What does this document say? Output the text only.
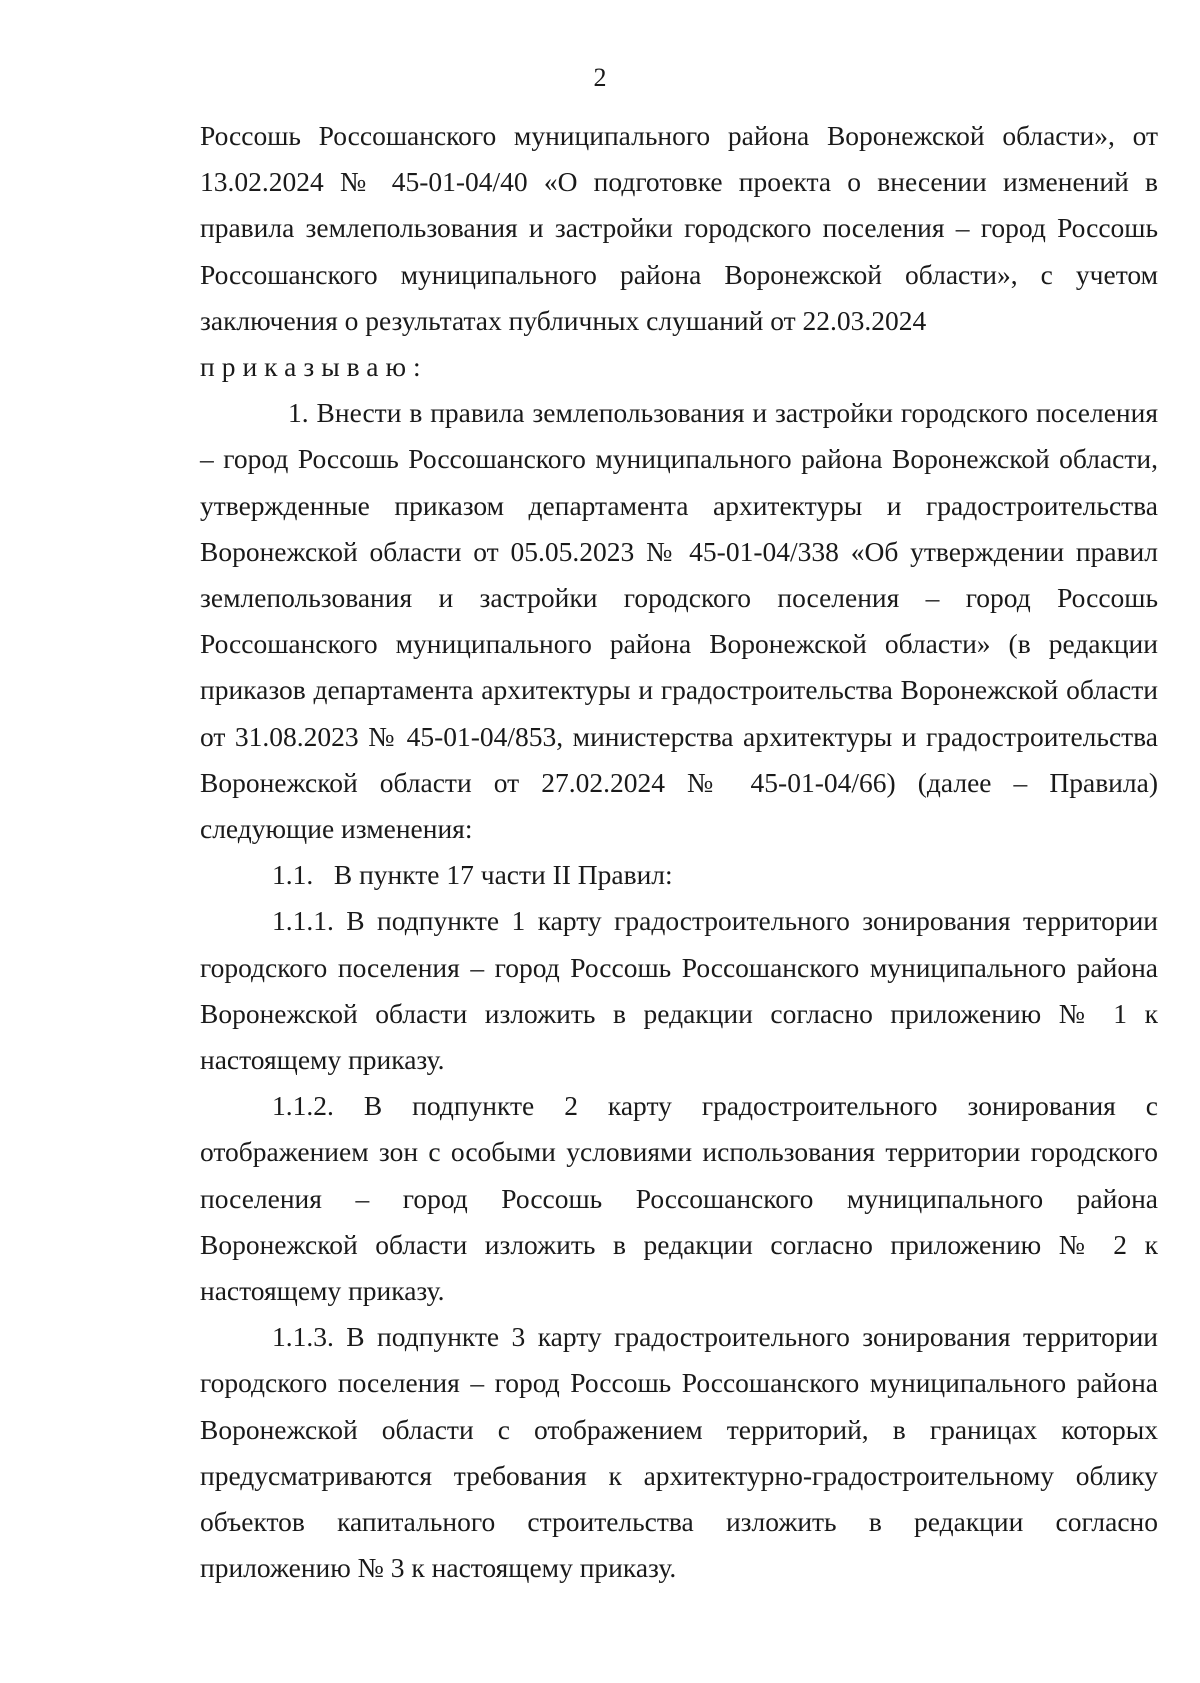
2

Россошь Россошанского муниципального района Воронежской области», от 13.02.2024 № 45-01-04/40 «О подготовке проекта о внесении изменений в правила землепользования и застройки городского поселения – город Россошь Россошанского муниципального района Воронежской области», с учетом заключения о результатах публичных слушаний от 22.03.2024

приказываю:

1. Внести в правила землепользования и застройки городского поселения – город Россошь Россошанского муниципального района Воронежской области, утвержденные приказом департамента архитектуры и градостроительства Воронежской области от 05.05.2023 № 45-01-04/338 «Об утверждении правил землепользования и застройки городского поселения – город Россошь Россошанского муниципального района Воронежской области» (в редакции приказов департамента архитектуры и градостроительства Воронежской области от 31.08.2023 № 45-01-04/853, министерства архитектуры и градостроительства Воронежской области от 27.02.2024 № 45-01-04/66) (далее – Правила) следующие изменения:

1.1.   В пункте 17 части II Правил:

1.1.1. В подпункте 1 карту градостроительного зонирования территории городского поселения – город Россошь Россошанского муниципального района Воронежской области изложить в редакции согласно приложению № 1 к настоящему приказу.

1.1.2. В подпункте 2 карту градостроительного зонирования с отображением зон с особыми условиями использования территории городского поселения – город Россошь Россошанского муниципального района Воронежской области изложить в редакции согласно приложению № 2 к настоящему приказу.

1.1.3. В подпункте 3 карту градостроительного зонирования территории городского поселения – город Россошь Россошанского муниципального района Воронежской области с отображением территорий, в границах которых предусматриваются требования к архитектурно-градостроительному облику объектов капитального строительства изложить в редакции согласно приложению № 3 к настоящему приказу.
